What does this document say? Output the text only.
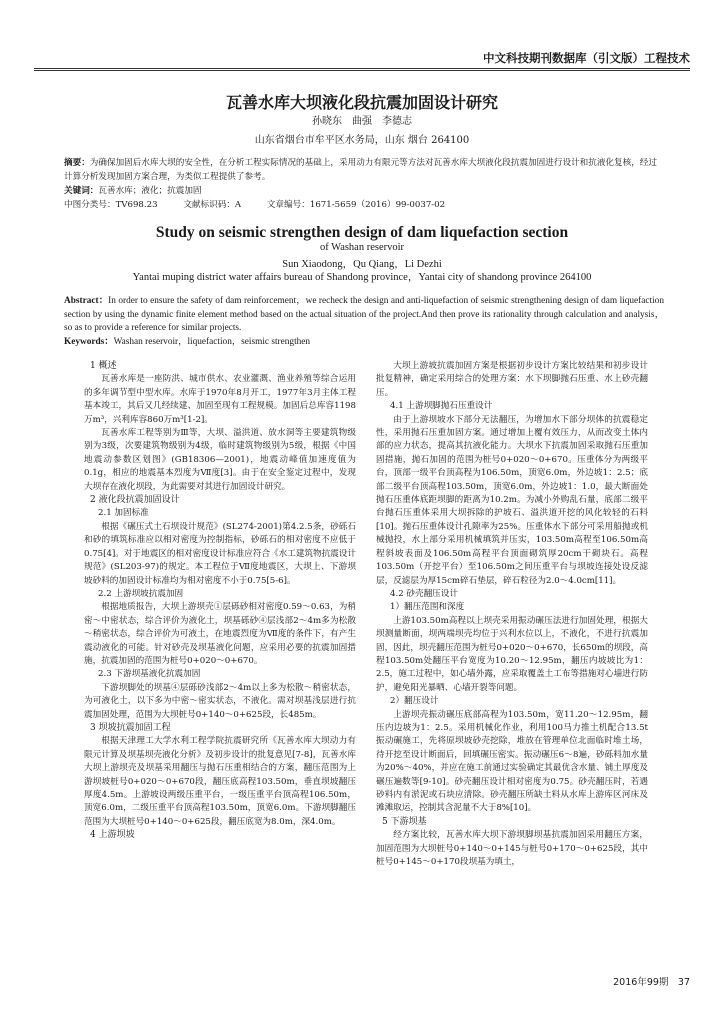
中文科技期刊数据库（引文版）工程技术
瓦善水库大坝液化段抗震加固设计研究
孙晓东　曲强　李德志
山东省烟台市牟平区水务局，山东 烟台 264100

摘要：为确保加固后水库大坝的安全性，在分析工程实际情况的基础上，采用动力有限元等方法对瓦善水库大坝液化段抗震加固进行设计和抗液化复核，经过计算分析发现加固方案合理，为类似工程提供了参考。

关键词：瓦善水库；液化；抗震加固

中图分类号：TV698.23　　　文献标识码：A　　　文章编号：1671-5659（2016）99-0037-02

Study on seismic strengthen design of dam liquefaction section
of Washan reservoir
Sun Xiaodong，Qu Qiang，Li Dezhi
Yantai muping district water affairs bureau of Shandong province，Yantai city of shandong province 264100

Abstract：In order to ensure the safety of dam reinforcement，we recheck the design and anti-liquefaction of seismic strengthening design of dam liquefaction section by using the dynamic finite element method based on the actual situation of the project.And then prove its rationality through calculation and analysis，so as to provide a reference for similar projects.

Keywords：Washan reservoir，liquefaction，seismic strengthen

1 概述

瓦善水库是一座防洪、城市供水、农业灌溉、渔业养殖等综合运用的多年调节型中型水库。水库于1970年8月开工，1977年3月主体工程基本竣工，其后又几经续建、加固至现有工程规模。加固后总库容1198万m³，兴利库容860万m³[1-2]。

瓦善水库工程等别为Ⅲ等，大坝、溢洪道、放水洞等主要建筑物级别为3级，次要建筑物级别为4级，临时建筑物级别为5级，根据《中国地震动参数区划图》(GB18306—2001)，地震动峰值加速度值为0.1g，相应的地震基本烈度为Ⅶ度[3]。由于在安全鉴定过程中，发现大坝存在液化坝段，为此需要对其进行加固设计研究。

2 液化段抗震加固设计
2.1 加固标准

根据《碾压式土石坝设计规范》(SL274-2001)第4.2.5条，砂砾石和砂的填筑标准应以相对密度为控制指标，砂砾石的相对密度不应低于0.75[4]。对于地震区的相对密度设计标准应符合《水工建筑物抗震设计规范》(SL203-97)的规定。本工程位于Ⅶ度地震区，大坝上、下游坝坡砂料的加固设计标准均为相对密度不小于0.75[5-6]。

2.2 上游坝坡抗震加固

根据地质报告，大坝上游坝壳①层砾砂相对密度0.59～0.63，为稍密～中密状态，综合评价为液化土，坝基砾砂④层浅部2～4m多为松散～稍密状态，综合评价为可液土，在地震烈度为Ⅶ度的条件下，有产生震动液化的可能。针对砂壳及坝基液化问题，应采用必要的抗震加固措施，抗震加固的范围为桩号0+020～0+670。

2.3 下游坝基液化抗震加固

下游坝脚处的坝基④层砾砂浅部2～4m以上多为松散～稍密状态，为可液化土，以下多为中密～密实状态，不液化。需对坝基浅层进行抗震加固处理，范围为大坝桩号0+140～0+625段，长485m。

3 坝坡抗震加固工程

根据天津理工大学水利工程学院抗震研究所《瓦善水库大坝动力有限元计算及坝基坝壳液化分析》及初步设计的批复意见[7-8]，瓦善水库大坝上游坝壳及坝基采用翻压与抛石压重相结合的方案，翻压范围为上游坝坡桩号0+020～0+670段，翻压底高程103.50m，垂直坝坡翻压厚度4.5m。上游坡设两级压重平台，一级压重平台顶高程106.50m，顶宽6.0m，二级压重平台顶高程103.50m，顶宽6.0m。下游坝脚翻压范围为大坝桩号0+140～0+625段，翻压底宽为8.0m，深4.0m。

4 上游坝坡

大坝上游坡抗震加固方案是根据初步设计方案比较结果和初步设计批复精神，确定采用综合的处理方案：水下坝脚抛石压重、水上砂壳翻压。

4.1 上游坝脚抛石压重设计

由于上游坝坡水下部分无法翻压，为增加水下部分坝体的抗震稳定性，采用抛石压重加固方案。通过增加上覆有效压力，从而改变土体内部的应力状态，提高其抗液化能力。大坝水下抗震加固采取抛石压重加固措施，抛石加固的范围为桩号0+020～0+670。压重体分为两级平台，顶部一级平台顶高程为106.50m，顶宽6.0m，外边坡1：2.5；底部二级平台顶高程103.50m，顶宽6.0m，外边坡1：1.0，最大断面处抛石压重体底距坝脚的距离为10.2m。为减小外购乱石量，底部二级平台抛石压重体采用大坝拆除的护坡石、溢洪道开挖的风化较轻的石料[10]。抛石压重体设计孔隙率为25%。压重体水下部分可采用船抛或机械抛投，水上部分采用机械填筑并压实，103.50m高程至106.50m高程斜坡表面及106.50m高程平台顶面砌筑厚20cm干砌块石。高程103.50m（开挖平台）至106.50m之间压重平台与坝坡连接处设反滤层，反滤层为厚15cm碎石垫层，碎石粒径为2.0～4.0cm[11]。

4.2 砂壳翻压设计
1）翻压范围和深度

上游103.50m高程以上坝壳采用振动碾压法进行加固处理，根据大坝测量断面，坝两端坝壳均位于兴利水位以上，不液化，不进行抗震加固，因此，坝壳翻压范围为桩号0+020～0+670，长650m的坝段，高程103.50m处翻压平台宽度为10.20～12.95m，翻压内坡坡比为1：2.5，施工过程中，如心墙外露，应采取覆盖土工布等措施对心墙进行防护，避免阳光暴晒、心墙开裂等问题。

2）翻压设计

上游坝壳振动碾压底部高程为103.50m，宽11.20～12.95m，翻压内边坡为1：2.5。采用机械化作业，利用100马力推土机配合13.5t振动碾施工，先将原坝坡砂壳挖除，堆放在管理单位北面临时堆土场，待开挖至设计断面后，回填碾压密实。振动碾压6～8遍，砂砾料加水量为20%～40%，并应在施工前通过实验确定其最优含水量、铺土厚度及碾压遍数等[9-10]。砂壳翻压设计相对密度为0.75。砂壳翻压时，若遇砂料内有淤泥或石块应清除。砂壳翻压所缺土料从水库上游库区河床及滩滩取运，控制其含泥量不大于8%[10]。

5 下游坝基

经方案比较，瓦善水库大坝下游坝脚坝基抗震加固采用翻压方案，加固范围为大坝桩号0+140～0+145与桩号0+170～0+625段，其中桩号0+145～0+170段坝基为填土，

2016年99期　37
